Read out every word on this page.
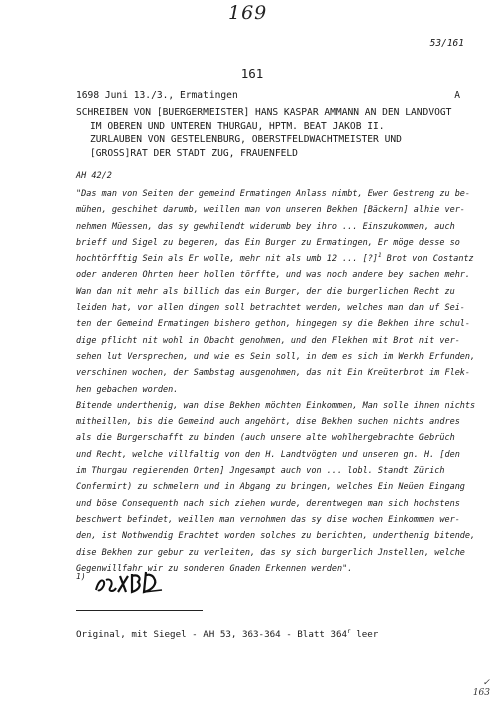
169
53/161
161
1698 Juni 13./3., Ermatingen	A
SCHREIBEN VON [BUERGERMEISTER] HANS KASPAR AMMANN AN DEN LANDVOGT
IM OBEREN UND UNTEREN THURGAU, HPTM. BEAT JAKOB II.
ZURLAUBEN VON GESTELENBURG, OBERSTFELDWACHTMEISTER UND
[GROSS]RAT DER STADT ZUG, FRAUENFELD
AH 42/2
"Das man von Seiten der gemeind Ermatingen Anlass nimbt, Ewer Gestreng zu be-
mühen, geschihet darumb, weillen man von unseren Bekhen [Bäckern] alhie ver-
nehmen Müessen, das sy gewhilendt widerumb bey ihro ... Einszukommen, auch
brieff und Sigel zu begeren, das Ein Burger zu Ermatingen, Er möge desse so
hochtörfftig Sein als Er wolle, mehr nit als umb 12 ... [?]$^1$ Brot von Costantz
oder anderen Ohrten heer hollen törffte, und was noch andere bey sachen mehr.
Wan dan nit mehr als billich das ein Burger, der die burgerlichen Recht zu
leiden hat, vor allen dingen soll betrachtet werden, welches man dan uf Sei-
ten der Gemeind Ermatingen bishero gethon, hingegen sy die Bekhen ihre schul-
dige pflicht nit wohl in Obacht genohmen, und den Flekhen mit Brot nit ver-
sehen lut Versprechen, und wie es Sein soll, in dem es sich im Werkh Erfunden,
verschinen wochen, der Sambstag ausgenohmen, das nit Ein Kreüterbrot im Flek-
hen gebachen worden.
Bitende underthenig, wan dise Bekhen möchten Einkommen, Man solle ihnen nichts
mitheillen, bis die Gemeind auch angehört, dise Bekhen suchen nichts andres
als die Burgerschafft zu binden (auch unsere alte wohlhergebrachte Gebrüch
und Recht, welche villfaltig von den H. Landtvögten und unseren gn. H. [den
im Thurgau regierenden Orten] Jngesampt auch von ... lobl. Standt Zürich
Confermirt) zu schmelern und in Abgang zu bringen, welches Ein Neüen Eingang
und böse Consequenth nach sich ziehen wurde, derentwegen man sich hochstens
beschwert befindet, weillen man vernohmen das sy dise wochen Einkommen wer-
den, ist Nothwendig Erachtet worden solches zu berichten, underthenig bitende,
dise Bekhen zur gebur zu verleiten, das sy sich burgerlich Jnstellen, welche
Gegenwillfahr wir zu sonderen Gnaden Erkennen werden".
1)
Original, mit Siegel - AH 53, 363-364 - Blatt 364$^r$ leer
✓
163
